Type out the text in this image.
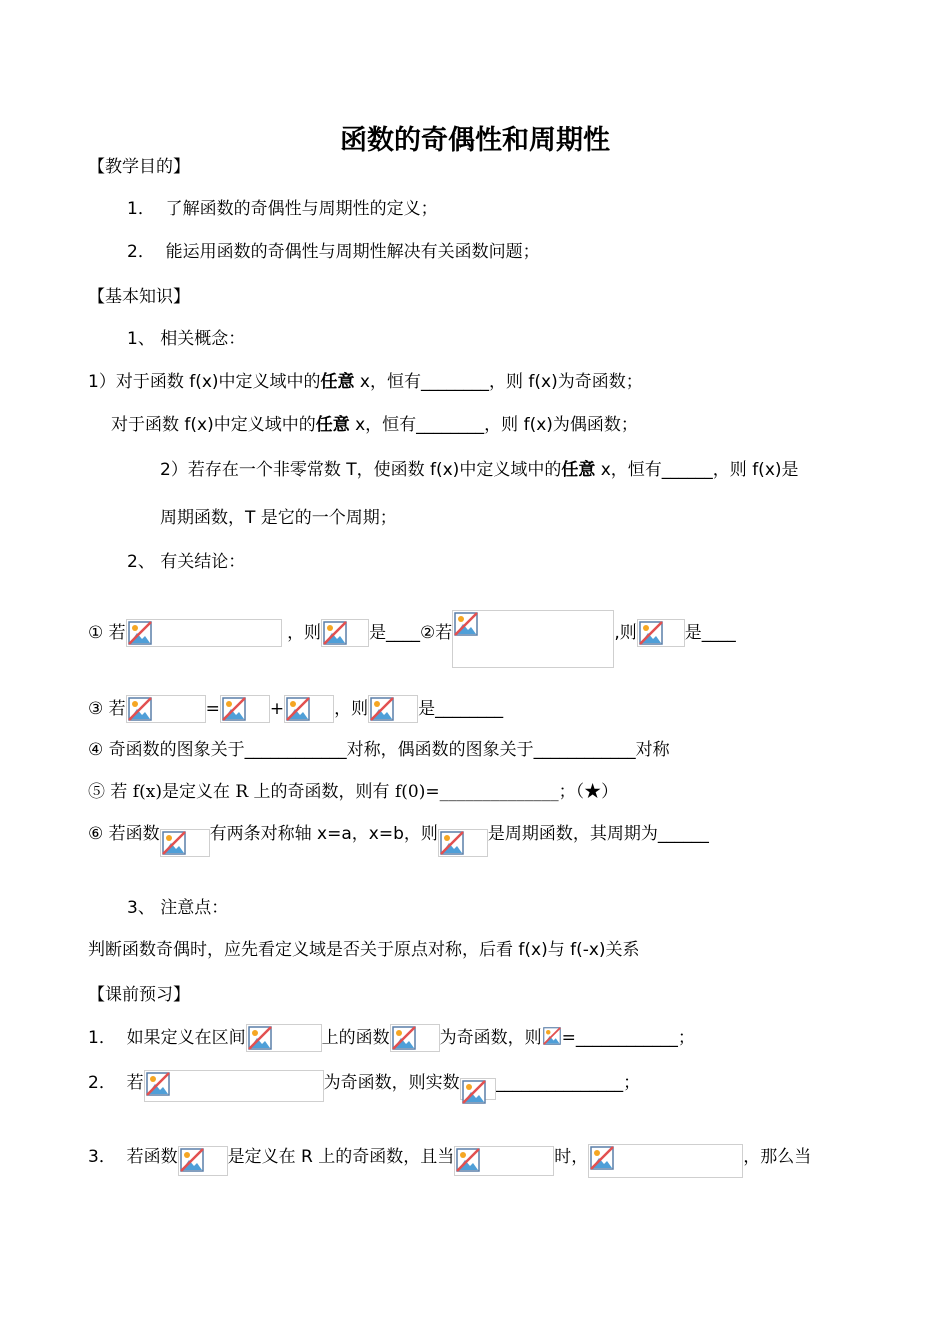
函数的奇偶性和周期性
【教学目的】
1． 了解函数的奇偶性与周期性的定义；
2． 能运用函数的奇偶性与周期性解决有关函数问题；
【基本知识】
1、 相关概念：
1）对于函数 f(x)中定义域中的任意 x，恒有________，则 f(x)为奇函数；
对于函数 f(x)中定义域中的任意 x，恒有________，则 f(x)为偶函数；
2）若存在一个非零常数 T，使函数 f(x)中定义域中的任意 x，恒有______，则 f(x)是
周期函数，T 是它的一个周期；
2、 有关结论：
① 若	，则	是____②若	,则	是____
③ 若	=	+	，则	是________
④ 奇函数的图象关于____________对称，偶函数的图象关于____________对称
⑤ 若 f(x)是定义在 R 上的奇函数，则有 f(0)=______________；（★）
⑥ 若函数	有两条对称轴 x=a，x=b，则	是周期函数，其周期为______
3、 注意点：
判断函数奇偶时，应先看定义域是否关于原点对称，后看 f(x)与 f(-x)关系
【课前预习】
1． 如果定义在区间	上的函数	为奇函数，则 =____________；
2． 若	为奇函数，则实数 _______________；
3． 若函数	是定义在 R 上的奇函数，且当	时，	，那么当
